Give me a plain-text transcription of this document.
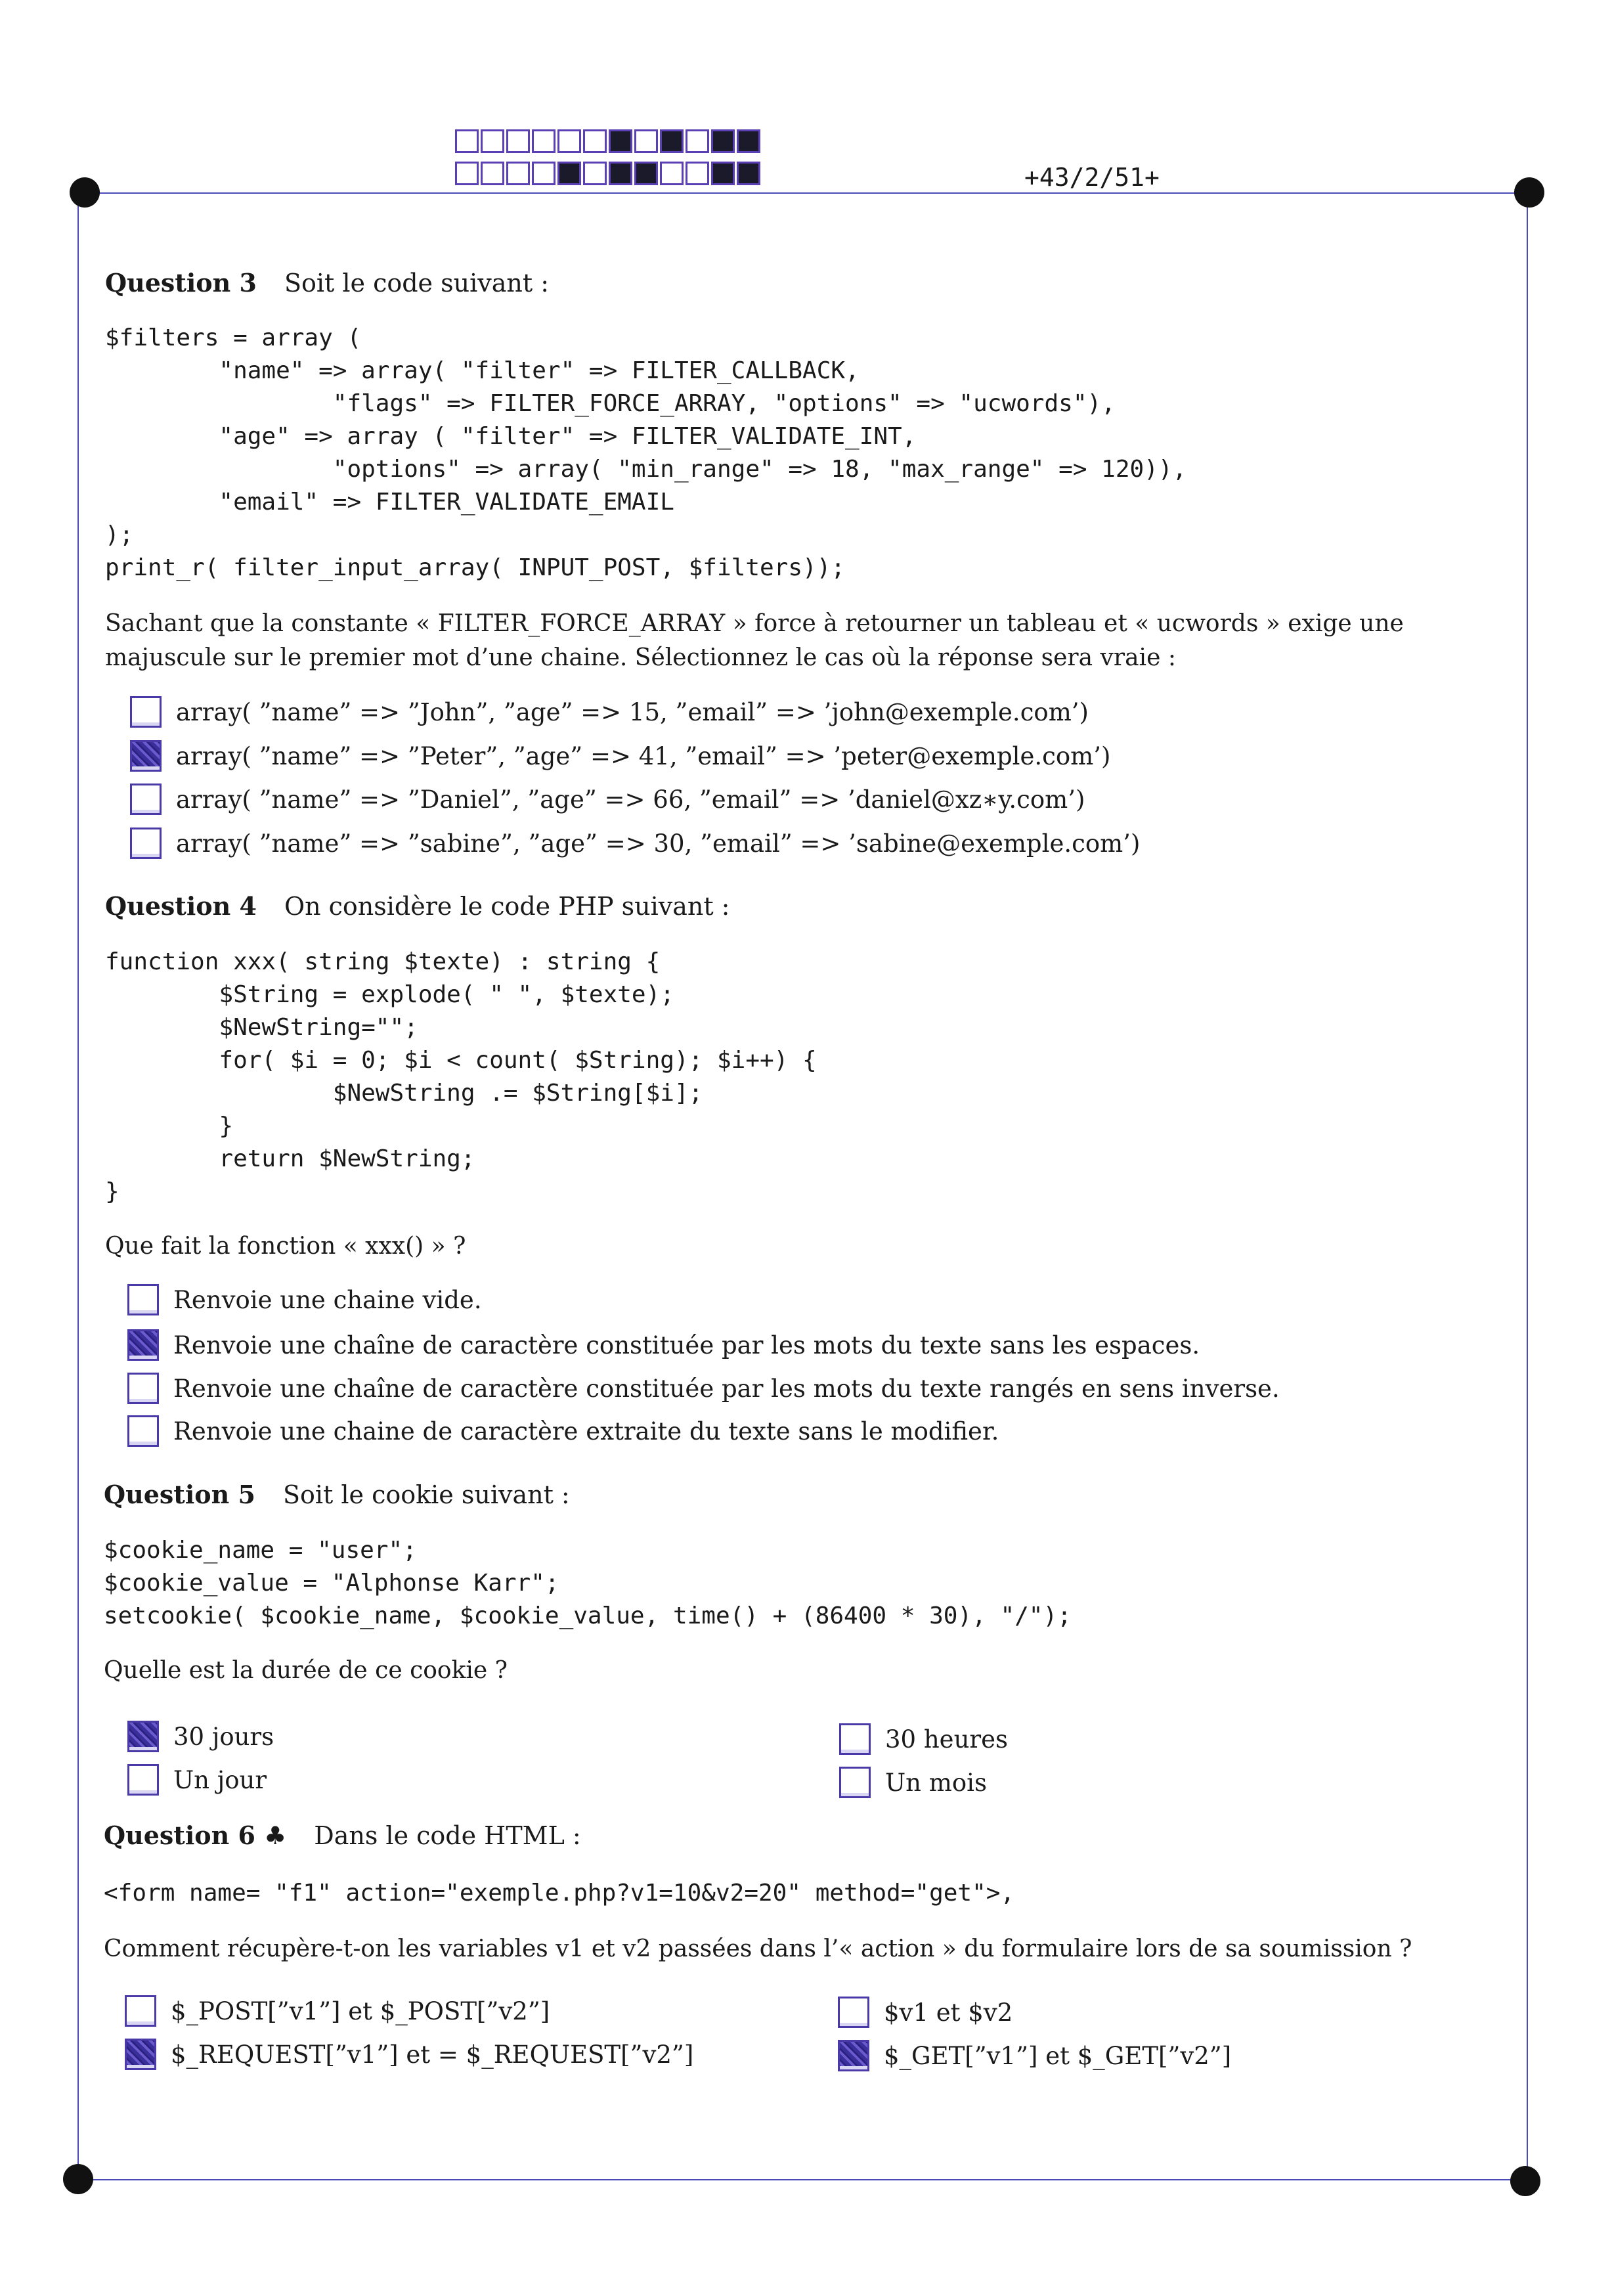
+43/2/51+
Question 3 Soit le code suivant :
$filters = array (
"name" => array( "filter" => FILTER_CALLBACK,
"flags" => FILTER_FORCE_ARRAY, "options" => "ucwords"),
"age" => array ( "filter" => FILTER_VALIDATE_INT,
"options" => array( "min_range" => 18, "max_range" => 120)),
"email" => FILTER_VALIDATE_EMAIL
);
print_r( filter_input_array( INPUT_POST, $filters));
Sachant que la constante « FILTER_FORCE_ARRAY » force à retourner un tableau et « ucwords » exige une majuscule sur le premier mot d’une chaine. Sélectionnez le cas où la réponse sera vraie :
array( ”name” => ”John”, ”age” => 15, ”email” => ’john@exemple.com’)
array( ”name” => ”Peter”, ”age” => 41, ”email” => ’peter@exemple.com’)
array( ”name” => ”Daniel”, ”age” => 66, ”email” => ’daniel@xz∗y.com’)
array( ”name” => ”sabine”, ”age” => 30, ”email” => ’sabine@exemple.com’)
Question 4 On considère le code PHP suivant :
function xxx( string $texte) : string {
$String = explode( " ", $texte);
$NewString="";
for( $i = 0; $i < count( $String); $i++) {
$NewString .= $String[$i];
}
return $NewString;
}
Que fait la fonction « xxx() » ?
Renvoie une chaine vide.
Renvoie une chaîne de caractère constituée par les mots du texte sans les espaces.
Renvoie une chaîne de caractère constituée par les mots du texte rangés en sens inverse.
Renvoie une chaine de caractère extraite du texte sans le modifier.
Question 5 Soit le cookie suivant :
$cookie_name = "user";
$cookie_value = "Alphonse Karr";
setcookie( $cookie_name, $cookie_value, time() + (86400 * 30), "/");
Quelle est la durée de ce cookie ?
30 jours
Un jour
30 heures
Un mois
Question 6 ♣ Dans le code HTML :
<form name= "f1" action="exemple.php?v1=10&v2=20" method="get">,
Comment récupère-t-on les variables v1 et v2 passées dans l’« action » du formulaire lors de sa soumission ?
$_POST[”v1”] et $_POST[”v2”]
$_REQUEST[”v1”] et = $_REQUEST[”v2”]
$v1 et $v2
$_GET[”v1”] et $_GET[”v2”]
